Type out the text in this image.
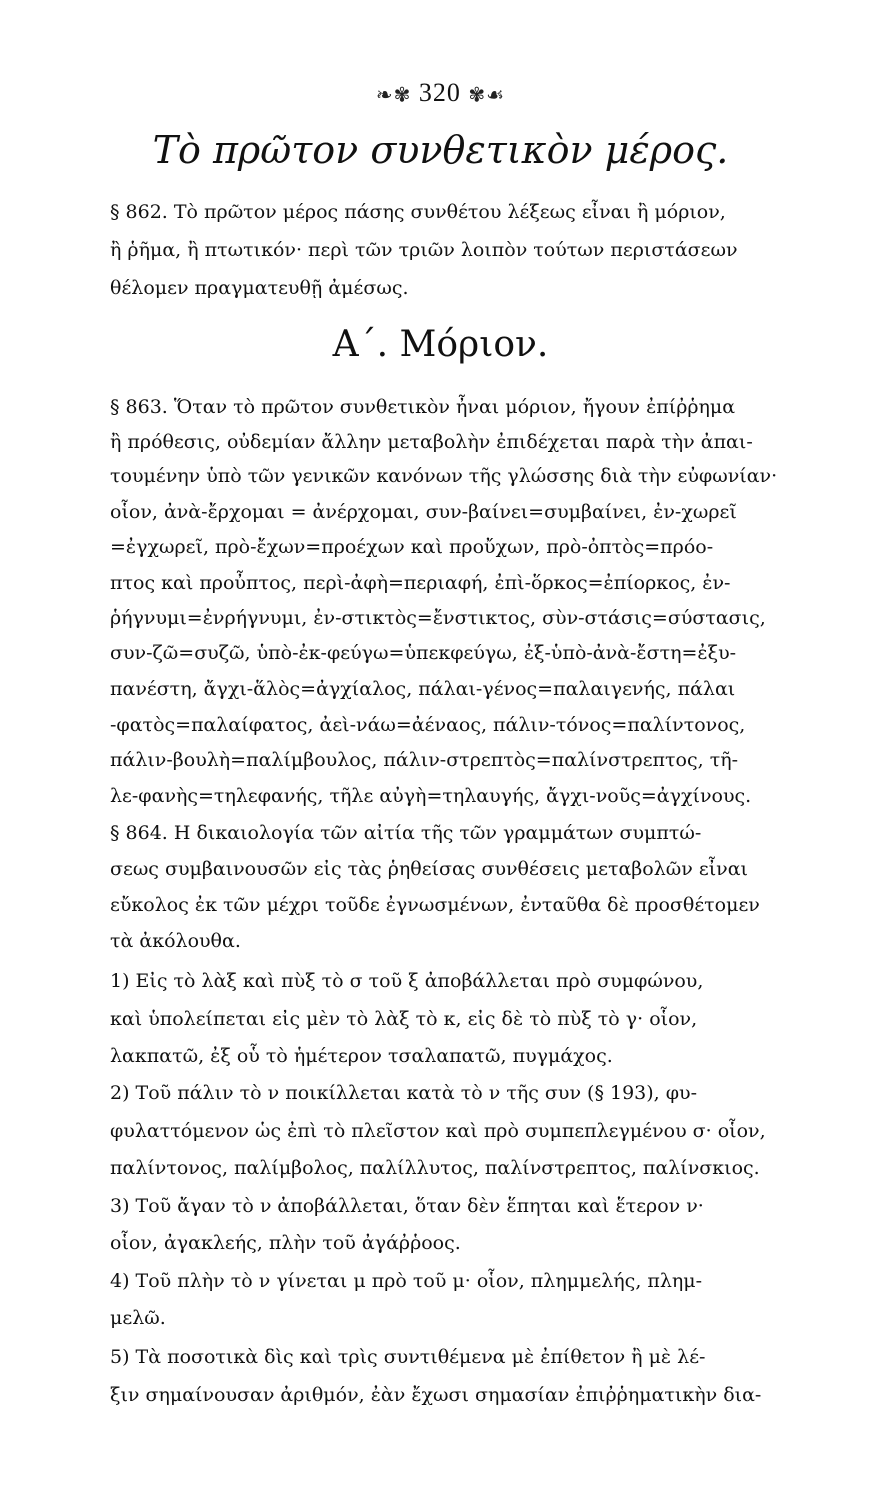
❧✾ 320 ✾☙
Τὸ πρῶτον συνθετικὸν μέρος.
§ 862. Τὸ πρῶτον μέρος πάσης συνθέτου λέξεως εἶναι ἢ μόριον,
ἢ ῥῆμα, ἢ πτωτικόν· περὶ τῶν τριῶν λοιπὸν τούτων περιστάσεων
θέλομεν πραγματευθῇ ἀμέσως.
Α΄. Μόριον.
§ 863. Ὅταν τὸ πρῶτον συνθετικὸν ἦναι μόριον, ἤγουν ἐπίῤῥημα
ἢ πρόθεσις, οὐδεμίαν ἄλλην μεταβολὴν ἐπιδέχεται παρὰ τὴν ἀπαι-
τουμένην ὑπὸ τῶν γενικῶν κανόνων τῆς γλώσσης διὰ τὴν εὐφωνίαν·
οἷον, ἀνὰ-ἔρχομαι = ἀνέρχομαι, συν-βαίνει=συμβαίνει, ἐν-χωρεῖ
=ἐγχωρεῖ, πρὸ-ἔχων=προέχων καὶ προὔχων, πρὸ-ὀπτὸς=πρόο-
πτος καὶ προὖπτος, περὶ-ἀφὴ=περιαφή, ἐπὶ-ὅρκος=ἐπίορκος, ἐν-
ῥήγνυμι=ἐνρήγνυμι, ἐν-στικτὸς=ἔνστικτος, σὺν-στάσις=σύστασις,
συν-ζῶ=συζῶ, ὑπὸ-ἐκ-φεύγω=ὑπεκφεύγω, ἐξ-ὑπὸ-ἀνὰ-ἔστη=ἐξυ-
πανέστη, ἄγχι-ἅλὸς=ἀγχίαλος, πάλαι-γένος=παλαιγενής, πάλαι
-φατὸς=παλαίφατος, ἀεὶ-νάω=ἀέναος, πάλιν-τόνος=παλίντονος,
πάλιν-βουλὴ=παλίμβουλος, πάλιν-στρεπτὸς=παλίνστρεπτος, τῆ-
λε-φανὴς=τηλεφανής, τῆλε αὐγὴ=τηλαυγής, ἄγχι-νοῦς=ἀγχίνους.
§ 864. Η δικαιολογία τῶν αἰτία τῆς τῶν γραμμάτων συμπτώ-
σεως συμβαινουσῶν εἰς τὰς ῥηθείσας συνθέσεις μεταβολῶν εἶναι
εὔκολος ἐκ τῶν μέχρι τοῦδε ἐγνωσμένων, ἐνταῦθα δὲ προσθέτομεν
τὰ ἀκόλουθα.
1) Εἰς τὸ λὰξ καὶ πὺξ τὸ σ τοῦ ξ ἀποβάλλεται πρὸ συμφώνου,
καὶ ὑπολείπεται εἰς μὲν τὸ λὰξ τὸ κ, εἰς δὲ τὸ πὺξ τὸ γ· οἷον,
λακπατῶ, ἐξ οὗ τὸ ἡμέτερον τσαλαπατῶ, πυγμάχος.
2) Τοῦ πάλιν τὸ ν ποικίλλεται κατὰ τὸ ν τῆς συν (§ 193), φυ-
φυλαττόμενον ὡς ἐπὶ τὸ πλεῖστον καὶ πρὸ συμπεπλεγμένου σ· οἷον,
παλίντονος, παλίμβολος, παλίλλυτος, παλίνστρεπτος, παλίνσκιος.
3) Τοῦ ἄγαν τὸ ν ἀποβάλλεται, ὅταν δὲν ἕπηται καὶ ἕτερον ν·
οἷον, ἀγακλεής, πλὴν τοῦ ἀγάῤῥοος.
4) Τοῦ πλὴν τὸ ν γίνεται μ πρὸ τοῦ μ· οἷον, πλημμελής, πλημ-
μελῶ.
5) Τὰ ποσοτικὰ δὶς καὶ τρὶς συντιθέμενα μὲ ἐπίθετον ἢ μὲ λέ-
ξιν σημαίνουσαν ἀριθμόν, ἐὰν ἔχωσι σημασίαν ἐπιῤῥηματικὴν δια-
